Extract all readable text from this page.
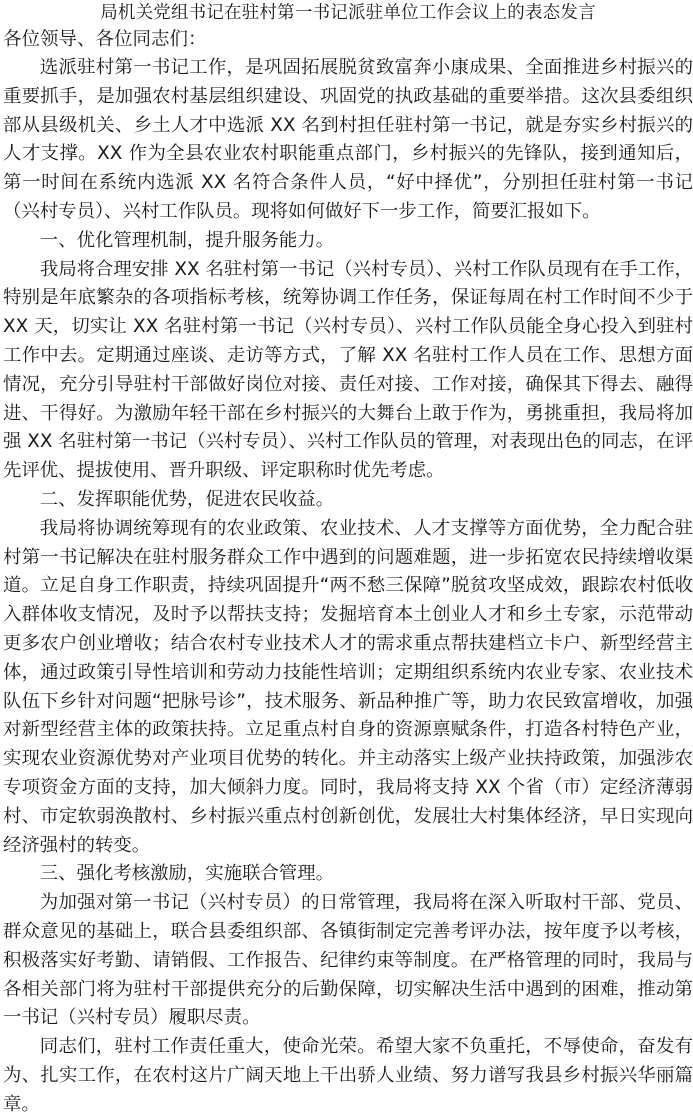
局机关党组书记在驻村第一书记派驻单位工作会议上的表态发言

各位领导、各位同志们：

选派驻村第一书记工作，是巩固拓展脱贫致富奔小康成果、全面推进乡村振兴的重要抓手，是加强农村基层组织建设、巩固党的执政基础的重要举措。这次县委组织部从县级机关、乡土人才中选派 XX 名到村担任驻村第一书记，就是夯实乡村振兴的人才支撑。XX 作为全县农业农村职能重点部门，乡村振兴的先锋队，接到通知后，第一时间在系统内选派 XX 名符合条件人员，“好中择优”，分别担任驻村第一书记（兴村专员）、兴村工作队员。现将如何做好下一步工作，简要汇报如下。

一、优化管理机制，提升服务能力。

我局将合理安排 XX 名驻村第一书记（兴村专员）、兴村工作队员现有在手工作，特别是年底繁杂的各项指标考核，统筹协调工作任务，保证每周在村工作时间不少于 XX 天，切实让 XX 名驻村第一书记（兴村专员）、兴村工作队员能全身心投入到驻村工作中去。定期通过座谈、走访等方式，了解 XX 名驻村工作人员在工作、思想方面情况，充分引导驻村干部做好岗位对接、责任对接、工作对接，确保其下得去、融得进、干得好。为激励年轻干部在乡村振兴的大舞台上敢于作为，勇挑重担，我局将加强 XX 名驻村第一书记（兴村专员）、兴村工作队员的管理，对表现出色的同志，在评先评优、提拔使用、晋升职级、评定职称时优先考虑。

二、发挥职能优势，促进农民收益。

我局将协调统筹现有的农业政策、农业技术、人才支撑等方面优势，全力配合驻村第一书记解决在驻村服务群众工作中遇到的问题难题，进一步拓宽农民持续增收渠道。立足自身工作职责，持续巩固提升“两不愁三保障”脱贫攻坚成效，跟踪农村低收入群体收支情况，及时予以帮扶支持；发掘培育本土创业人才和乡土专家，示范带动更多农户创业增收；结合农村专业技术人才的需求重点帮扶建档立卡户、新型经营主体，通过政策引导性培训和劳动力技能性培训；定期组织系统内农业专家、农业技术队伍下乡针对问题“把脉号诊”，技术服务、新品种推广等，助力农民致富增收，加强对新型经营主体的政策扶持。立足重点村自身的资源禀赋条件，打造各村特色产业，实现农业资源优势对产业项目优势的转化。并主动落实上级产业扶持政策，加强涉农专项资金方面的支持，加大倾斜力度。同时，我局将支持 XX 个省（市）定经济薄弱村、市定软弱涣散村、乡村振兴重点村创新创优，发展壮大村集体经济，早日实现向经济强村的转变。

三、强化考核激励，实施联合管理。

为加强对第一书记（兴村专员）的日常管理，我局将在深入听取村干部、党员、群众意见的基础上，联合县委组织部、各镇街制定完善考评办法，按年度予以考核，积极落实好考勤、请销假、工作报告、纪律约束等制度。在严格管理的同时，我局与各相关部门将为驻村干部提供充分的后勤保障，切实解决生活中遇到的困难，推动第一书记（兴村专员）履职尽责。

同志们，驻村工作责任重大，使命光荣。希望大家不负重托，不辱使命，奋发有为、扎实工作，在农村这片广阔天地上干出骄人业绩、努力谱写我县乡村振兴华丽篇章。
